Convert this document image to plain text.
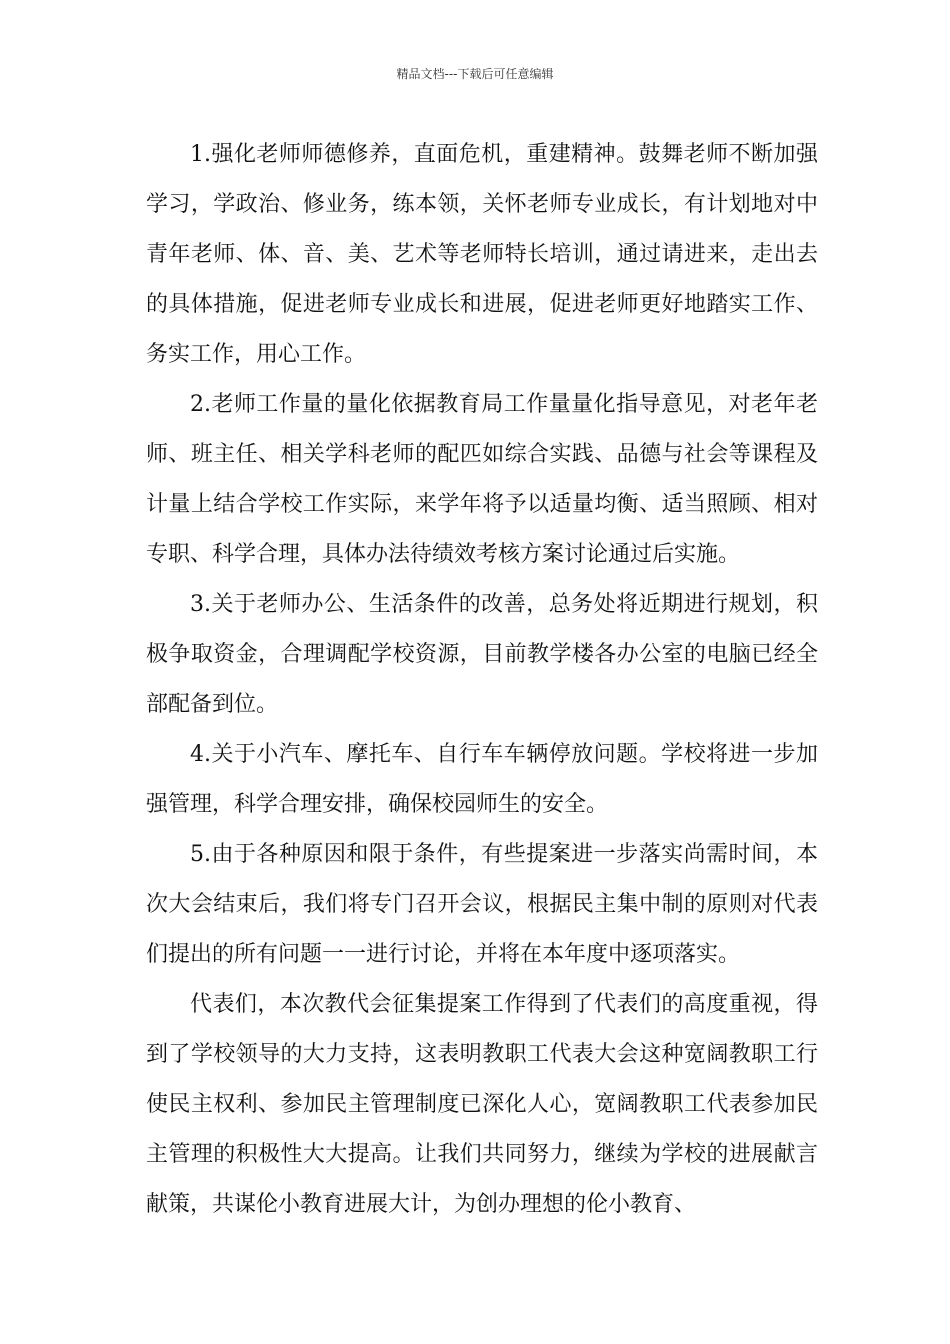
精品文档---下载后可任意编辑

1.强化老师师德修养，直面危机，重建精神。鼓舞老师不断加强学习，学政治、修业务，练本领，关怀老师专业成长，有计划地对中青年老师、体、音、美、艺术等老师特长培训，通过请进来，走出去的具体措施，促进老师专业成长和进展，促进老师更好地踏实工作、务实工作，用心工作。

2.老师工作量的量化依据教育局工作量量化指导意见，对老年老师、班主任、相关学科老师的配匹如综合实践、品德与社会等课程及计量上结合学校工作实际，来学年将予以适量均衡、适当照顾、相对专职、科学合理，具体办法待绩效考核方案讨论通过后实施。

3.关于老师办公、生活条件的改善，总务处将近期进行规划，积极争取资金，合理调配学校资源，目前教学楼各办公室的电脑已经全部配备到位。

4.关于小汽车、摩托车、自行车车辆停放问题。学校将进一步加强管理，科学合理安排，确保校园师生的安全。

5.由于各种原因和限于条件，有些提案进一步落实尚需时间，本次大会结束后，我们将专门召开会议，根据民主集中制的原则对代表们提出的所有问题一一进行讨论，并将在本年度中逐项落实。

代表们，本次教代会征集提案工作得到了代表们的高度重视，得到了学校领导的大力支持，这表明教职工代表大会这种宽阔教职工行使民主权利、参加民主管理制度已深化人心，宽阔教职工代表参加民主管理的积极性大大提高。让我们共同努力，继续为学校的进展献言献策，共谋伦小教育进展大计，为创办理想的伦小教育、
